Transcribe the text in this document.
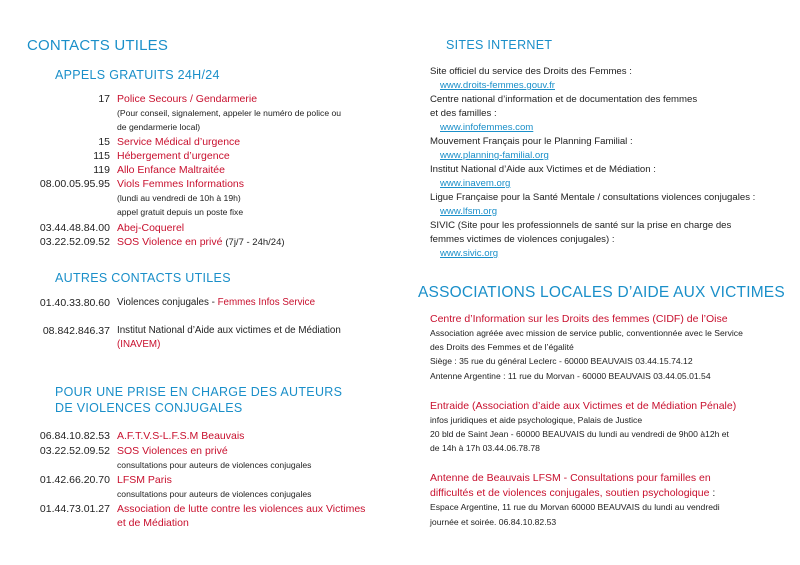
CONTACTS UTILES
APPELS GRATUITS 24H/24
17 Police Secours / Gendarmerie
(Pour conseil, signalement, appeler le numéro de police ou
de gendarmerie local)
15 Service Médical d’urgence
115 Hébergement d’urgence
119 Allo Enfance Maltraitée
08.00.05.95.95 Viols Femmes Informations
(lundi au vendredi de 10h à 19h)
appel gratuit depuis un poste fixe
03.44.48.84.00 Abej-Coquerel
03.22.52.09.52 SOS Violence en privé (7j/7 - 24h/24)
AUTRES CONTACTS UTILES
01.40.33.80.60 Violences conjugales - Femmes Infos Service
08.842.846.37 Institut National d’Aide aux victimes et de Médiation
(INAVEM)
POUR UNE PRISE EN CHARGE DES AUTEURS
DE VIOLENCES CONJUGALES
06.84.10.82.53 A.F.T.V.S-L.F.S.M Beauvais
03.22.52.09.52 SOS Violences en privé
consultations pour auteurs de violences conjugales
01.42.66.20.70 LFSM Paris
consultations pour auteurs de violences conjugales
01.44.73.01.27 Association de lutte contre les violences aux Victimes
et de Médiation
SITES INTERNET
Site officiel du service des Droits des Femmes :
www.droits-femmes.gouv.fr
Centre national d’information et de documentation des femmes
et des familles :
www.infofemmes.com
Mouvement Français pour le Planning Familial :
www.planning-familial.org
Institut National d’Aide aux Victimes et de Médiation :
www.inavem.org
Ligue Française pour la Santé Mentale / consultations violences conjugales :
www.lfsm.org
SIVIC (Site pour les professionnels de santé sur la prise en charge des
femmes victimes de violences conjugales) :
www.sivic.org
ASSOCIATIONS LOCALES D’AIDE AUX VICTIMES
Centre d’Information sur les Droits des femmes (CIDF) de l’Oise
Association agréée avec mission de service public, conventionnée avec le Service
des Droits des Femmes et de l’égalité
Siège : 35 rue du général Leclerc - 60000 BEAUVAIS 03.44.15.74.12
Antenne Argentine : 11 rue du Morvan - 60000 BEAUVAIS 03.44.05.01.54
Entraide (Association d’aide aux Victimes et de Médiation Pénale)
infos juridiques et aide psychologique, Palais de Justice
20 bld de Saint Jean - 60000 BEAUVAIS du lundi au vendredi de 9h00 à12h et
de 14h à 17h 03.44.06.78.78
Antenne de Beauvais LFSM - Consultations pour familles en
difficultés et de violences conjugales, soutien psychologique :
Espace Argentine, 11 rue du Morvan 60000 BEAUVAIS du lundi au vendredi
journée et soirée. 06.84.10.82.53
